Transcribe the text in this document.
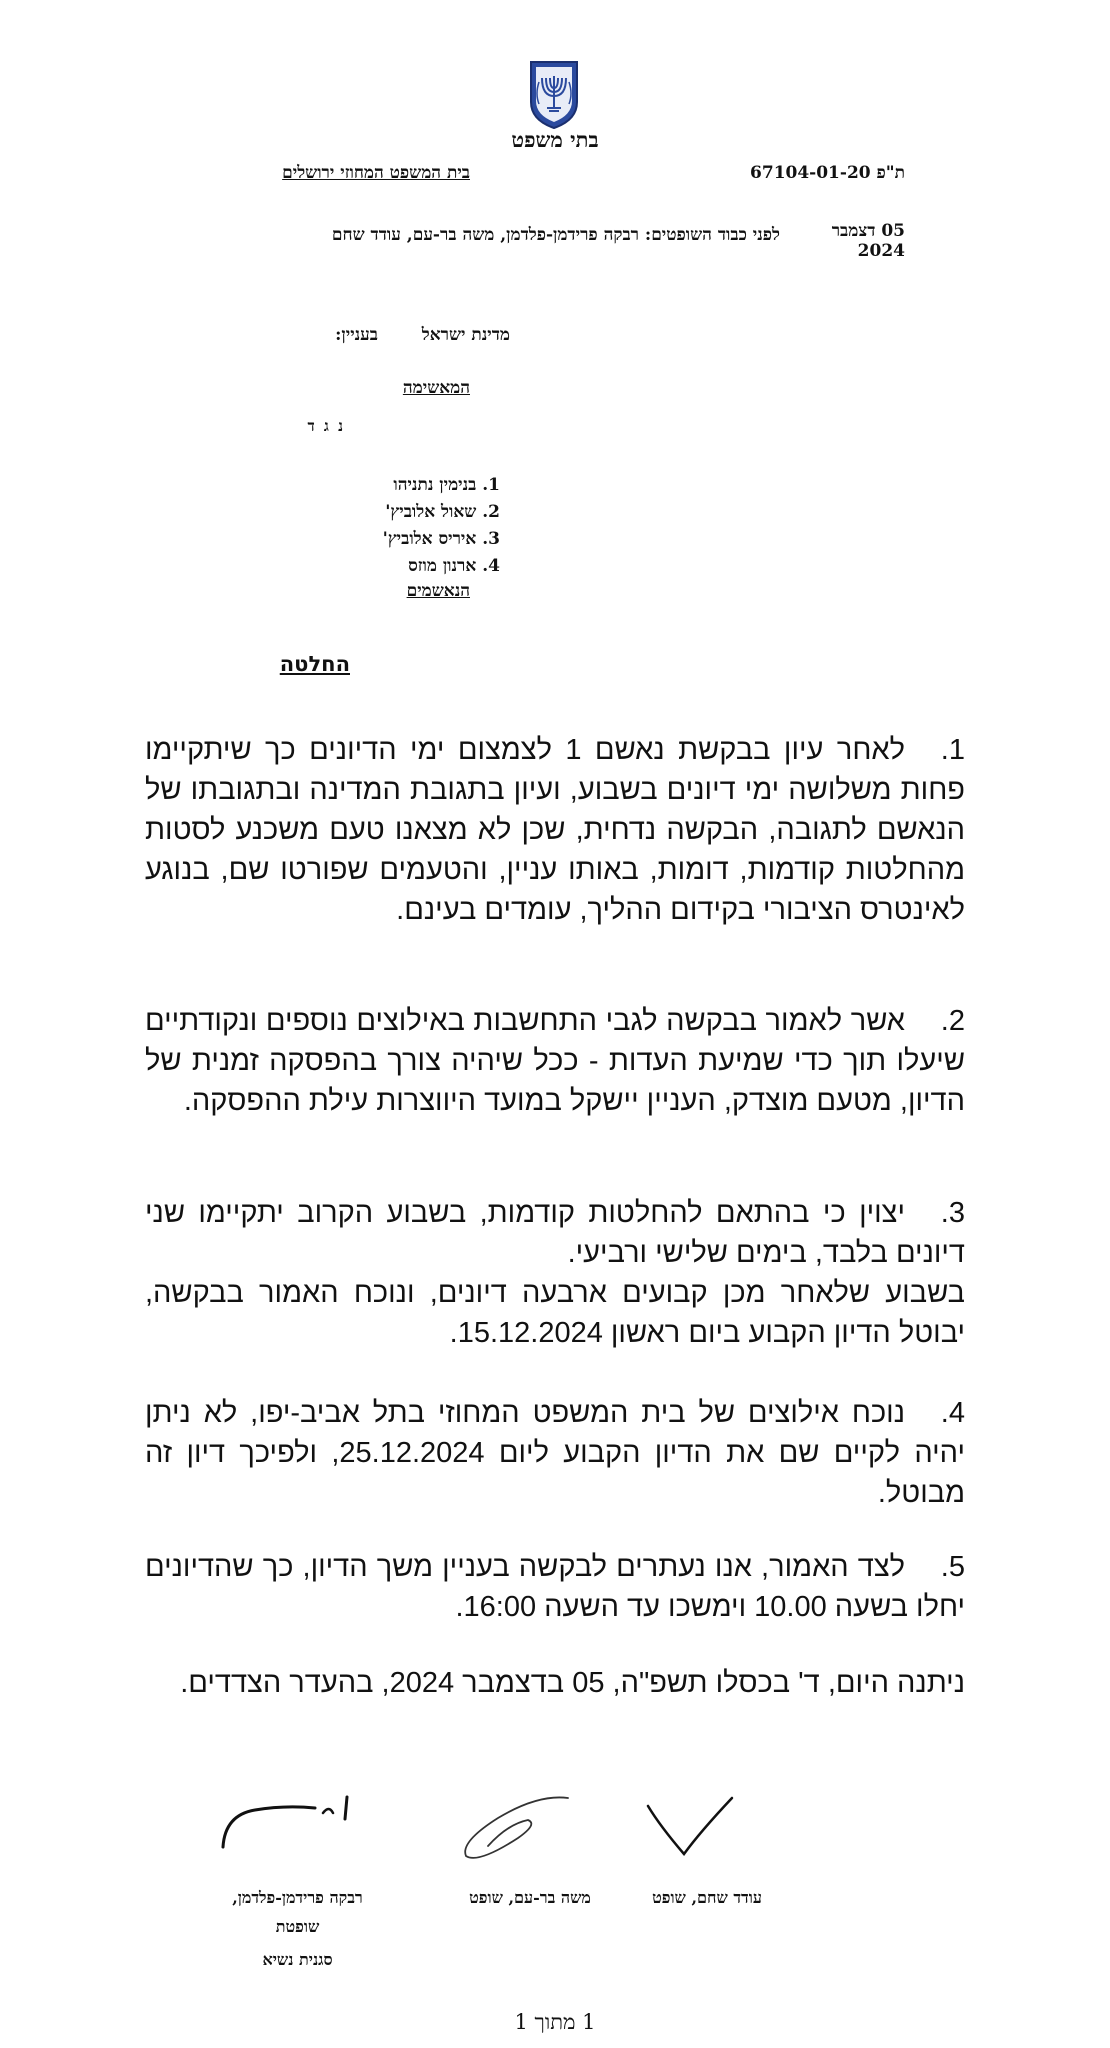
בתי משפט
בית המשפט המחוזי ירושלים	ת"פ 67104-01-20
05 דצמבר 2024
לפני כבוד השופטים: רבקה פרידמן-פלדמן, משה בר-עם, עודד שחם
מדינת ישראל
בעניין:
המאשימה
נ ג ד
1. בנימין נתניהו
2. שאול אלוביץ'
3. איריס אלוביץ'
4. ארנון מוזס
הנאשמים
החלטה

1.לאחר עיון בבקשת נאשם 1 לצמצום ימי הדיונים כך שיתקיימו פחות משלושה ימי דיונים בשבוע, ועיון בתגובת המדינה ובתגובתו של הנאשם לתגובה, הבקשה נדחית, שכן לא מצאנו טעם משכנע לסטות מהחלטות קודמות, דומות, באותו עניין, והטעמים שפורטו שם, בנוגע לאינטרס הציבורי בקידום ההליך, עומדים בעינם.

2.אשר לאמור בבקשה לגבי התחשבות באילוצים נוספים ונקודתיים שיעלו תוך כדי שמיעת העדות - ככל שיהיה צורך בהפסקה זמנית של הדיון, מטעם מוצדק, העניין יישקל במועד היווצרות עילת ההפסקה.

3.יצוין כי בהתאם להחלטות קודמות, בשבוע הקרוב יתקיימו שני דיונים בלבד, בימים שלישי ורביעי.
בשבוע שלאחר מכן קבועים ארבעה דיונים, ונוכח האמור בבקשה, יבוטל הדיון הקבוע ביום ראשון 15.12.2024.

4.נוכח אילוצים של בית המשפט המחוזי בתל אביב-יפו, לא ניתן יהיה לקיים שם את הדיון הקבוע ליום 25.12.2024, ולפיכך דיון זה מבוטל.

5.לצד האמור, אנו נעתרים לבקשה בעניין משך הדיון, כך שהדיונים יחלו בשעה 10.00 וימשכו עד השעה 16:00.

ניתנה היום, ד' בכסלו תשפ"ה, 05 בדצמבר 2024, בהעדר הצדדים.

רבקה פרידמן-פלדמן,
שופטת
סגנית נשיא
משה בר-עם, שופט	עודד שחם, שופט
1 מתוך 1
